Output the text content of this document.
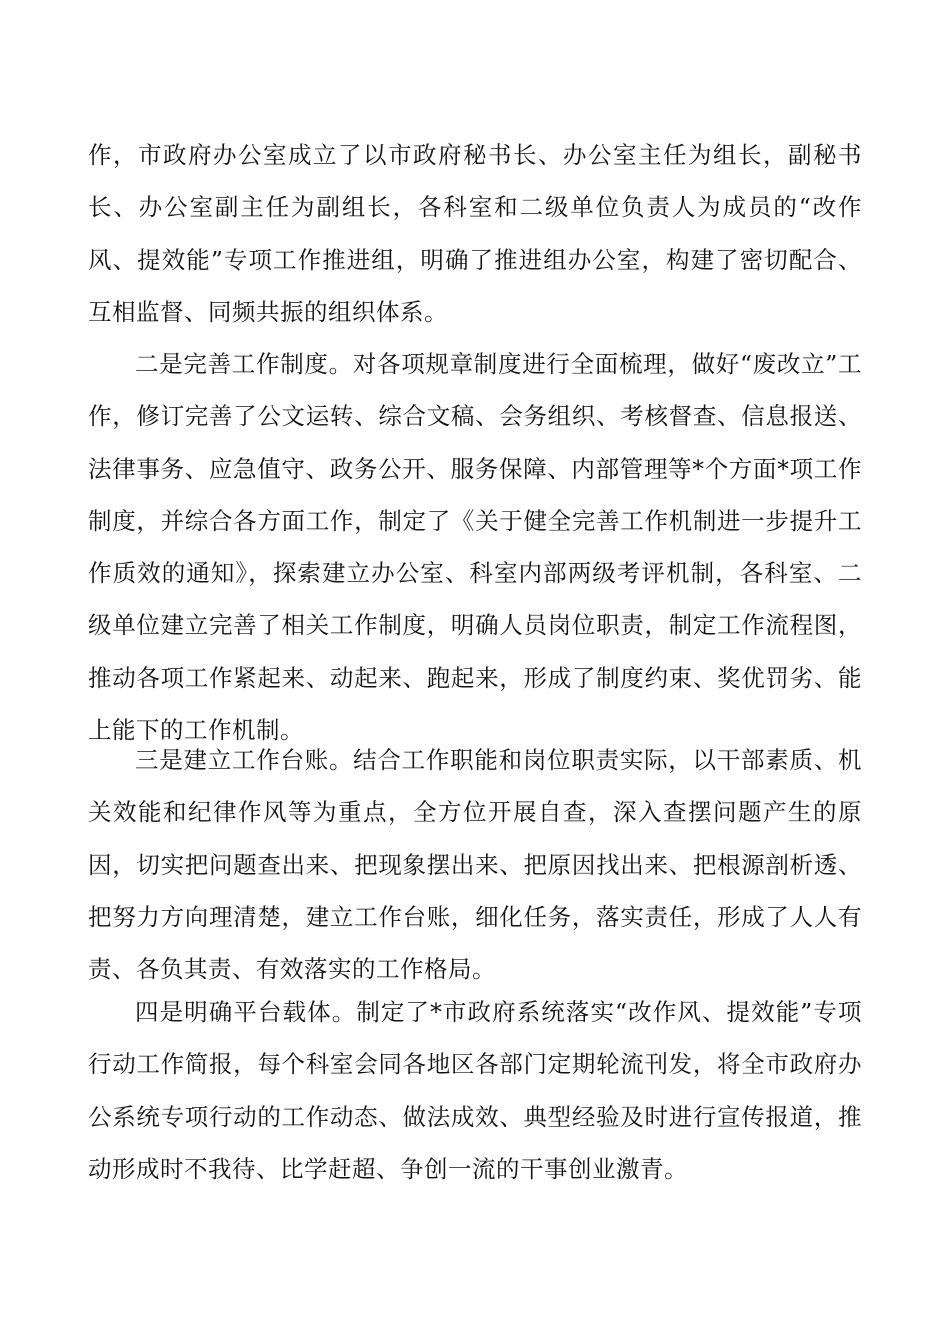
作，市政府办公室成立了以市政府秘书长、办公室主任为组长，副秘书长、办公室副主任为副组长，各科室和二级单位负责人为成员的“改作风、提效能”专项工作推进组，明确了推进组办公室，构建了密切配合、互相监督、同频共振的组织体系。

二是完善工作制度。对各项规章制度进行全面梳理，做好“废改立”工作，修订完善了公文运转、综合文稿、会务组织、考核督查、信息报送、法律事务、应急值守、政务公开、服务保障、内部管理等*个方面*项工作制度，并综合各方面工作，制定了《关于健全完善工作机制进一步提升工作质效的通知》，探索建立办公室、科室内部两级考评机制，各科室、二级单位建立完善了相关工作制度，明确人员岗位职责，制定工作流程图，推动各项工作紧起来、动起来、跑起来，形成了制度约束、奖优罚劣、能上能下的工作机制。

三是建立工作台账。结合工作职能和岗位职责实际，以干部素质、机关效能和纪律作风等为重点，全方位开展自查，深入查摆问题产生的原因，切实把问题查出来、把现象摆出来、把原因找出来、把根源剖析透、把努力方向理清楚，建立工作台账，细化任务，落实责任，形成了人人有责、各负其责、有效落实的工作格局。

四是明确平台载体。制定了*市政府系统落实“改作风、提效能”专项行动工作简报，每个科室会同各地区各部门定期轮流刊发，将全市政府办公系统专项行动的工作动态、做法成效、典型经验及时进行宣传报道，推动形成时不我待、比学赶超、争创一流的干事创业激青。
